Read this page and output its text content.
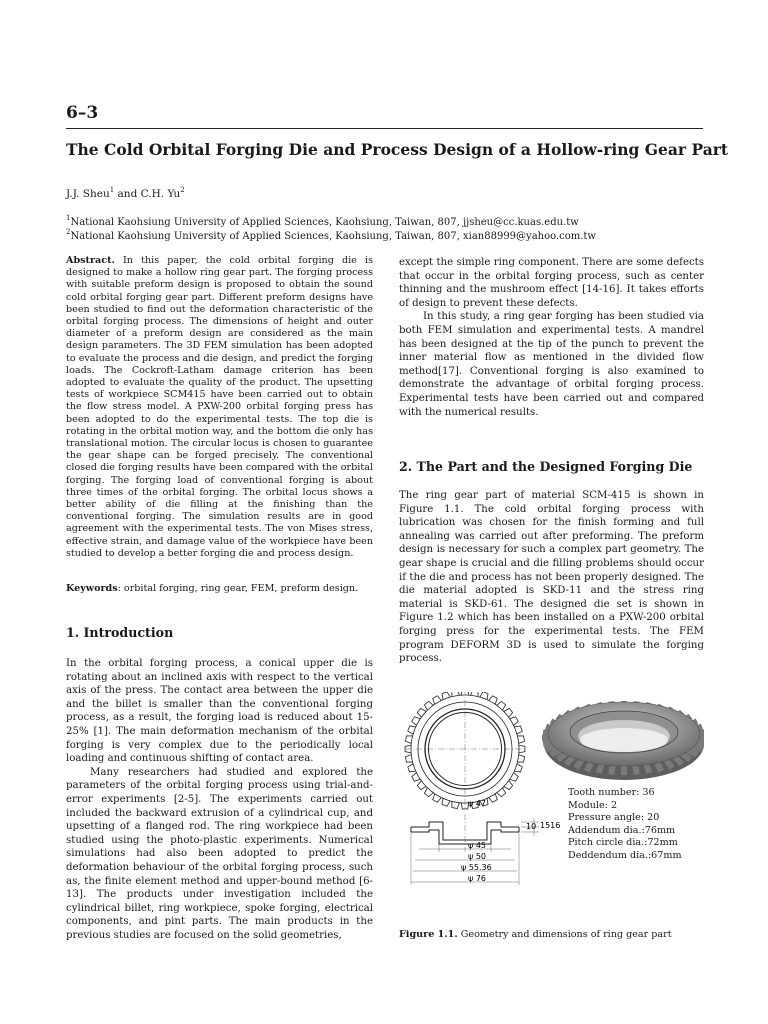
6–3
The Cold Orbital Forging Die and Process Design of a Hollow-ring Gear Part
J.J. Sheu$^1$ and C.H. Yu$^2$
$^1$National Kaohsiung University of Applied Sciences, Kaohsiung, Taiwan, 807, jjsheu@cc.kuas.edu.tw
$^2$National Kaohsiung University of Applied Sciences, Kaohsiung, Taiwan, 807, xian88999@yahoo.com.tw

Abstract. In this paper, the cold orbital forging die is designed to make a hollow ring gear part. The forging process with suitable preform design is proposed to obtain the sound cold orbital forging gear part. Different preform designs have been studied to find out the deformation characteristic of the orbital forging process. The dimensions of height and outer diameter of a preform design are considered as the main design parameters. The 3D FEM simulation has been adopted to evaluate the process and die design, and predict the forging loads. The Cockroft-Latham damage criterion has been adopted to evaluate the quality of the product. The upsetting tests of workpiece SCM415 have been carried out to obtain the flow stress model. A PXW-200 orbital forging press has been adopted to do the experimental tests. The top die is rotating in the orbital motion way, and the bottom die only has translational motion. The circular locus is chosen to guarantee the gear shape can be forged precisely. The conventional closed die forging results have been compared with the orbital forging. The forging load of conventional forging is about three times of the orbital forging. The orbital locus shows a better ability of die filling at the finishing than the conventional forging. The simulation results are in good agreement with the experimental tests. The von Mises stress, effective strain, and damage value of the workpiece have been studied to develop a better forging die and process design.

Keywords: orbital forging, ring gear, FEM, preform design.

1. Introduction

In the orbital forging process, a conical upper die is rotating about an inclined axis with respect to the vertical axis of the press. The contact area between the upper die and the billet is smaller than the conventional forging process, as a result, the forging load is reduced about 15-25% [1]. The main deformation mechanism of the orbital forging is very complex due to the periodically local loading and continuous shifting of contact area.

Many researchers had studied and explored the parameters of the orbital forging process using trial-and-error experiments [2-5]. The experiments carried out included the backward extrusion of a cylindrical cup, and upsetting of a flanged rod. The ring workpiece had been studied using the photo-plastic experiments. Numerical simulations had also been adopted to predict the deformation behaviour of the orbital forging process, such as, the finite element method and upper-bound method [6-13]. The products under investigation included the cylindrical billet, ring workpiece, spoke forging, electrical components, and pint parts. The main products in the previous studies are focused on the solid geometries,

except the simple ring component. There are some defects that occur in the orbital forging process, such as center thinning and the mushroom effect [14-16]. It takes efforts of design to prevent these defects.

In this study, a ring gear forging has been studied via both FEM simulation and experimental tests. A mandrel has been designed at the tip of the punch to prevent the inner material flow as mentioned in the divided flow method[17]. Conventional forging is also examined to demonstrate the advantage of orbital forging process. Experimental tests have been carried out and compared with the numerical results.

2. The Part and the Designed Forging Die

The ring gear part of material SCM-415 is shown in Figure 1.1. The cold orbital forging process with lubrication was chosen for the finish forming and full annealing was carried out after preforming. The preform design is necessary for such a complex part geometry. The gear shape is crucial and die filling problems should occur if the die and process has not been properly designed. The die material adopted is SKD-11 and the stress ring material is SKD-61. The designed die set is shown in Figure 1.2 which has been installed on a PXW-200 orbital forging press for the experimental tests. The FEM program DEFORM 3D is used to simulate the forging process.

ψ 47
ψ 45
ψ 50
ψ 55.36
ψ 76
10 1516
Tooth number: 36
Module: 2
Pressure angle: 20
Addendum dia.:76mm
Pitch circle dia.:72mm
Deddendum dia.:67mm
Figure 1.1. Geometry and dimensions of ring gear part
